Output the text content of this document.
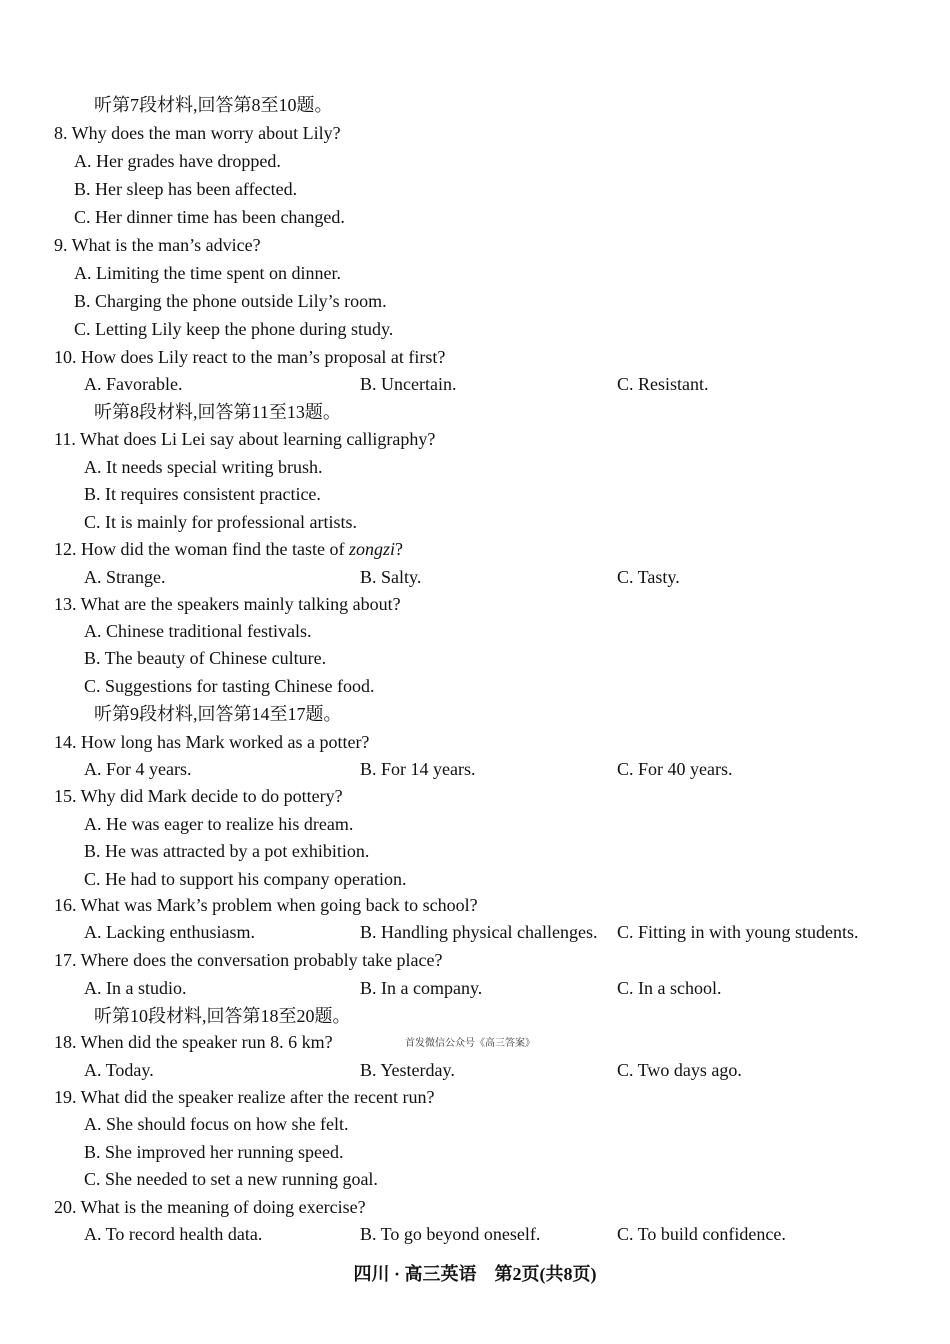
听第7段材料,回答第8至10题。
8. Why does the man worry about Lily?
A. Her grades have dropped.
B. Her sleep has been affected.
C. Her dinner time has been changed.
9. What is the man’s advice?
A. Limiting the time spent on dinner.
B. Charging the phone outside Lily’s room.
C. Letting Lily keep the phone during study.
10. How does Lily react to the man’s proposal at first?
A. Favorable.	B. Uncertain.	C. Resistant.
听第8段材料,回答第11至13题。
11. What does Li Lei say about learning calligraphy?
A. It needs special writing brush.
B. It requires consistent practice.
C. It is mainly for professional artists.
12. How did the woman find the taste of zongzi?
A. Strange.	B. Salty.	C. Tasty.
13. What are the speakers mainly talking about?
A. Chinese traditional festivals.
B. The beauty of Chinese culture.
C. Suggestions for tasting Chinese food.
听第9段材料,回答第14至17题。
14. How long has Mark worked as a potter?
A. For 4 years.	B. For 14 years.	C. For 40 years.
15. Why did Mark decide to do pottery?
A. He was eager to realize his dream.
B. He was attracted by a pot exhibition.
C. He had to support his company operation.
16. What was Mark’s problem when going back to school?
A. Lacking enthusiasm.	B. Handling physical challenges. C. Fitting in with young students.
17. Where does the conversation probably take place?
A. In a studio.	B. In a company.	C. In a school.
听第10段材料,回答第18至20题。
18. When did the speaker run 8. 6 km?	首发微信公众号《高三答案》
A. Today.	B. Yesterday.	C. Two days ago.
19. What did the speaker realize after the recent run?
A. She should focus on how she felt.
B. She improved her running speed.
C. She needed to set a new running goal.
20. What is the meaning of doing exercise?
A. To record health data.	B. To go beyond oneself.	C. To build confidence.
四川 · 高三英语　第2页(共8页)
